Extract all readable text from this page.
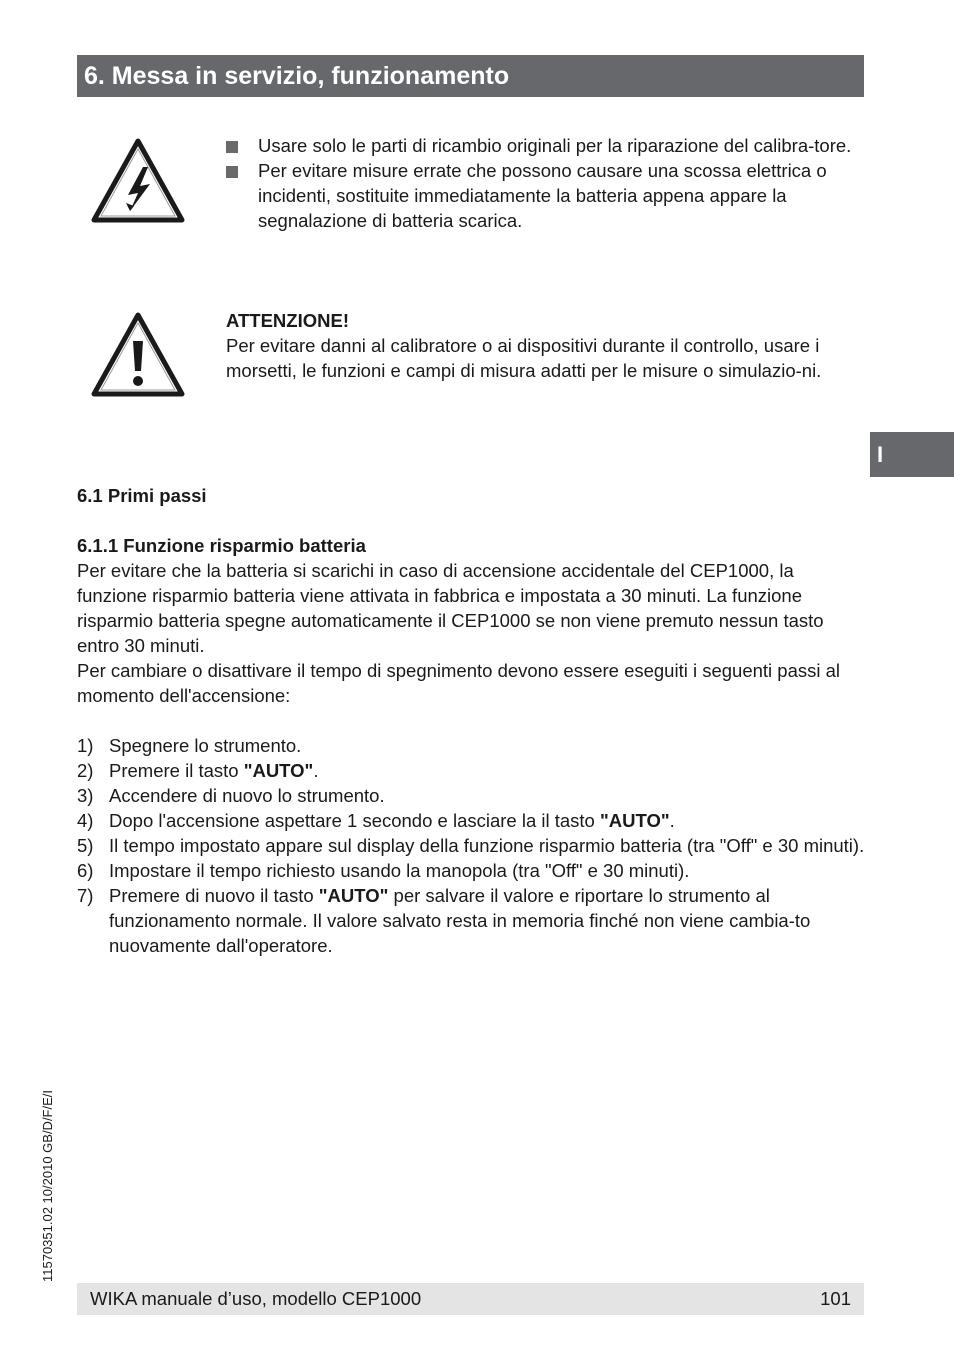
6. Messa in servizio, funzionamento
I
Usare solo le parti di ricambio originali per la riparazione del calibra-tore.
Per evitare misure errate che possono causare una scossa elettrica o incidenti, sostituite immediatamente la batteria appena appare la segnalazione di batteria scarica.
ATTENZIONE!
Per evitare danni al calibratore o ai dispositivi durante il controllo, usare i morsetti, le funzioni e campi di misura adatti per le misure o simulazio-ni.
6.1 Primi passi

6.1.1 Funzione risparmio batteria

Per evitare che la batteria si scarichi in caso di accensione accidentale del CEP1000, la funzione risparmio batteria viene attivata in fabbrica e impostata a 30 minuti. La funzione risparmio batteria spegne automaticamente il CEP1000 se non viene premuto nessun tasto entro 30 minuti.

Per cambiare o disattivare il tempo di spegnimento devono essere eseguiti i seguenti passi al momento dell'accensione:

1) Spegnere lo strumento.
2) Premere il tasto "AUTO".
3) Accendere di nuovo lo strumento.
4) Dopo l'accensione aspettare 1 secondo e lasciare la il tasto "AUTO".
5) Il tempo impostato appare sul display della funzione risparmio batteria (tra "Off" e 30 minuti).
6) Impostare il tempo richiesto usando la manopola (tra "Off" e 30 minuti).
7) Premere di nuovo il tasto "AUTO" per salvare il valore e riportare lo strumento al funzionamento normale. Il valore salvato resta in memoria finché non viene cambia-to nuovamente dall'operatore.
11570351.02 10/2010 GB/D/F/E/I
WIKA manuale d’uso, modello CEP1000	101
